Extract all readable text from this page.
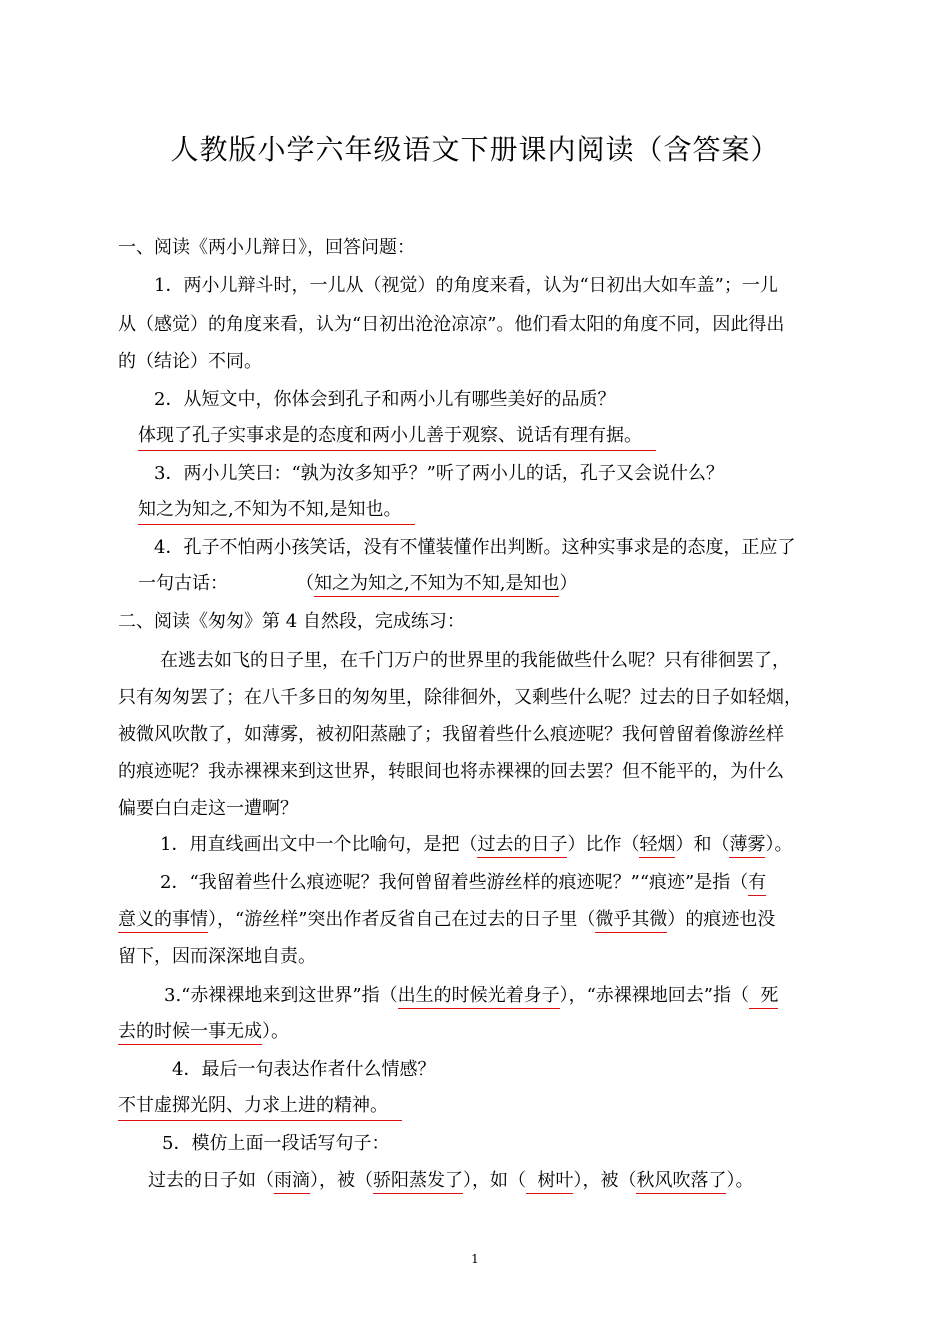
人教版小学六年级语文下册课内阅读（含答案）
一、阅读《两小儿辩日》，回答问题：
1．两小儿辩斗时，一儿从（视觉）的角度来看，认为“日初出大如车盖”；一儿
从（感觉）的角度来看，认为“日初出沧沧凉凉”。他们看太阳的角度不同，因此得出
的（结论）不同。
2．从短文中，你体会到孔子和两小儿有哪些美好的品质？
体现了孔子实事求是的态度和两小儿善于观察、说话有理有据。
3．两小儿笑曰：“孰为汝多知乎？”听了两小儿的话，孔子又会说什么？
知之为知之,不知为不知,是知也。
4．孔子不怕两小孩笑话，没有不懂装懂作出判断。这种实事求是的态度，正应了
一句古话：	（知之为知之,不知为不知,是知也）
二、阅读《匆匆》第 4 自然段，完成练习：
在逃去如飞的日子里，在千门万户的世界里的我能做些什么呢？只有徘徊罢了，
只有匆匆罢了；在八千多日的匆匆里，除徘徊外，又剩些什么呢？过去的日子如轻烟，
被微风吹散了，如薄雾，被初阳蒸融了；我留着些什么痕迹呢？我何曾留着像游丝样
的痕迹呢？我赤裸裸来到这世界，转眼间也将赤裸裸的回去罢？但不能平的，为什么
偏要白白走这一遭啊？
1．用直线画出文中一个比喻句，是把（过去的日子）比作（轻烟）和（薄雾）。
2．“我留着些什么痕迹呢？我何曾留着些游丝样的痕迹呢？”“痕迹”是指（有
意义的事情），“游丝样”突出作者反省自己在过去的日子里（微乎其微）的痕迹也没
留下，因而深深地自责。
3.“赤裸裸地来到这世界”指（出生的时候光着身子），“赤裸裸地回去”指（  死
去的时候一事无成）。
4．最后一句表达作者什么情感？
不甘虚掷光阴、力求上进的精神。
5．模仿上面一段话写句子：
过去的日子如（雨滴），被（骄阳蒸发了），如（  树叶），被（秋风吹落了）。
1
